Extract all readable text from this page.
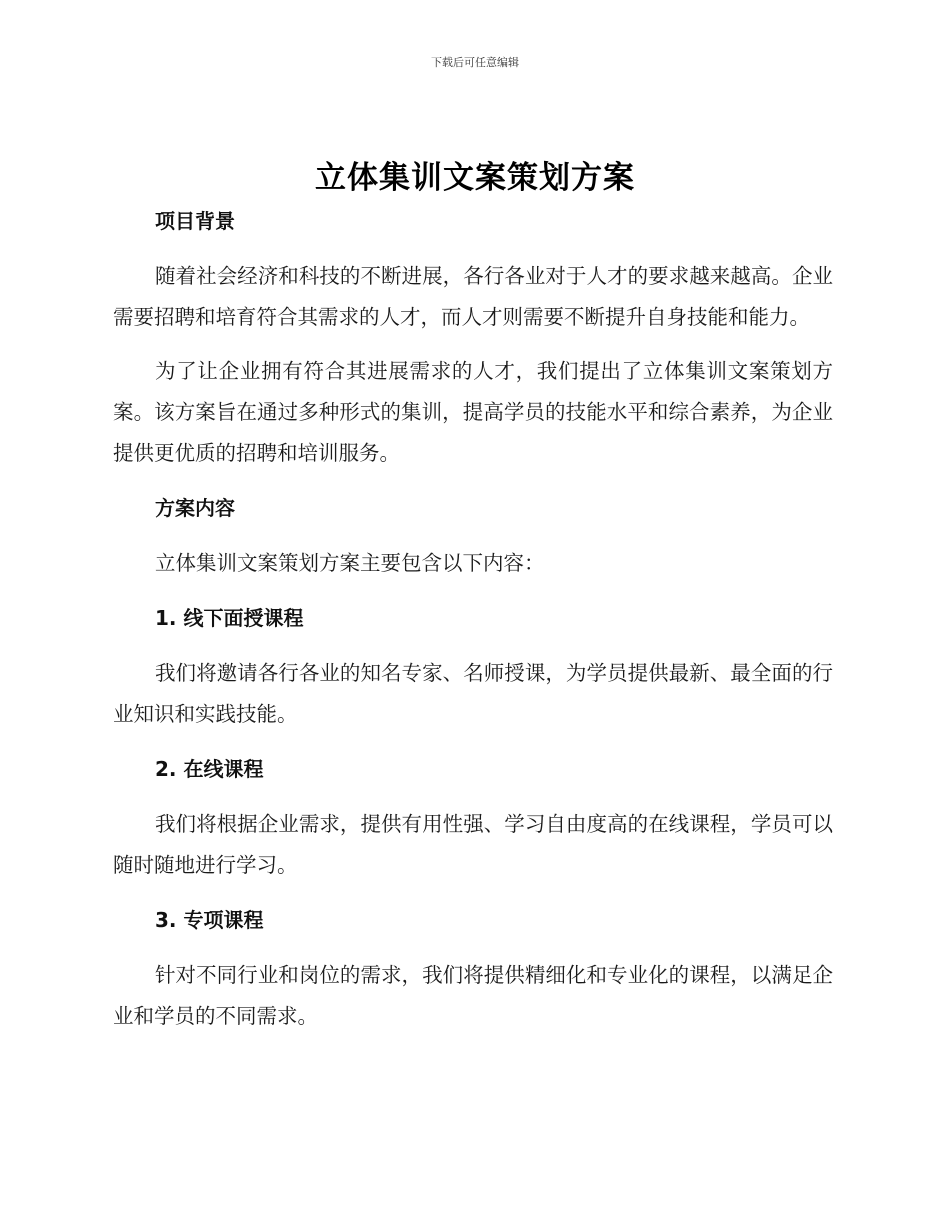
下载后可任意编辑
立体集训文案策划方案
项目背景

随着社会经济和科技的不断进展，各行各业对于人才的要求越来越高。企业需要招聘和培育符合其需求的人才，而人才则需要不断提升自身技能和能力。

为了让企业拥有符合其进展需求的人才，我们提出了立体集训文案策划方案。该方案旨在通过多种形式的集训，提高学员的技能水平和综合素养，为企业提供更优质的招聘和培训服务。

方案内容

立体集训文案策划方案主要包含以下内容：

1. 线下面授课程

我们将邀请各行各业的知名专家、名师授课，为学员提供最新、最全面的行业知识和实践技能。

2. 在线课程

我们将根据企业需求，提供有用性强、学习自由度高的在线课程，学员可以随时随地进行学习。

3. 专项课程

针对不同行业和岗位的需求，我们将提供精细化和专业化的课程，以满足企业和学员的不同需求。
